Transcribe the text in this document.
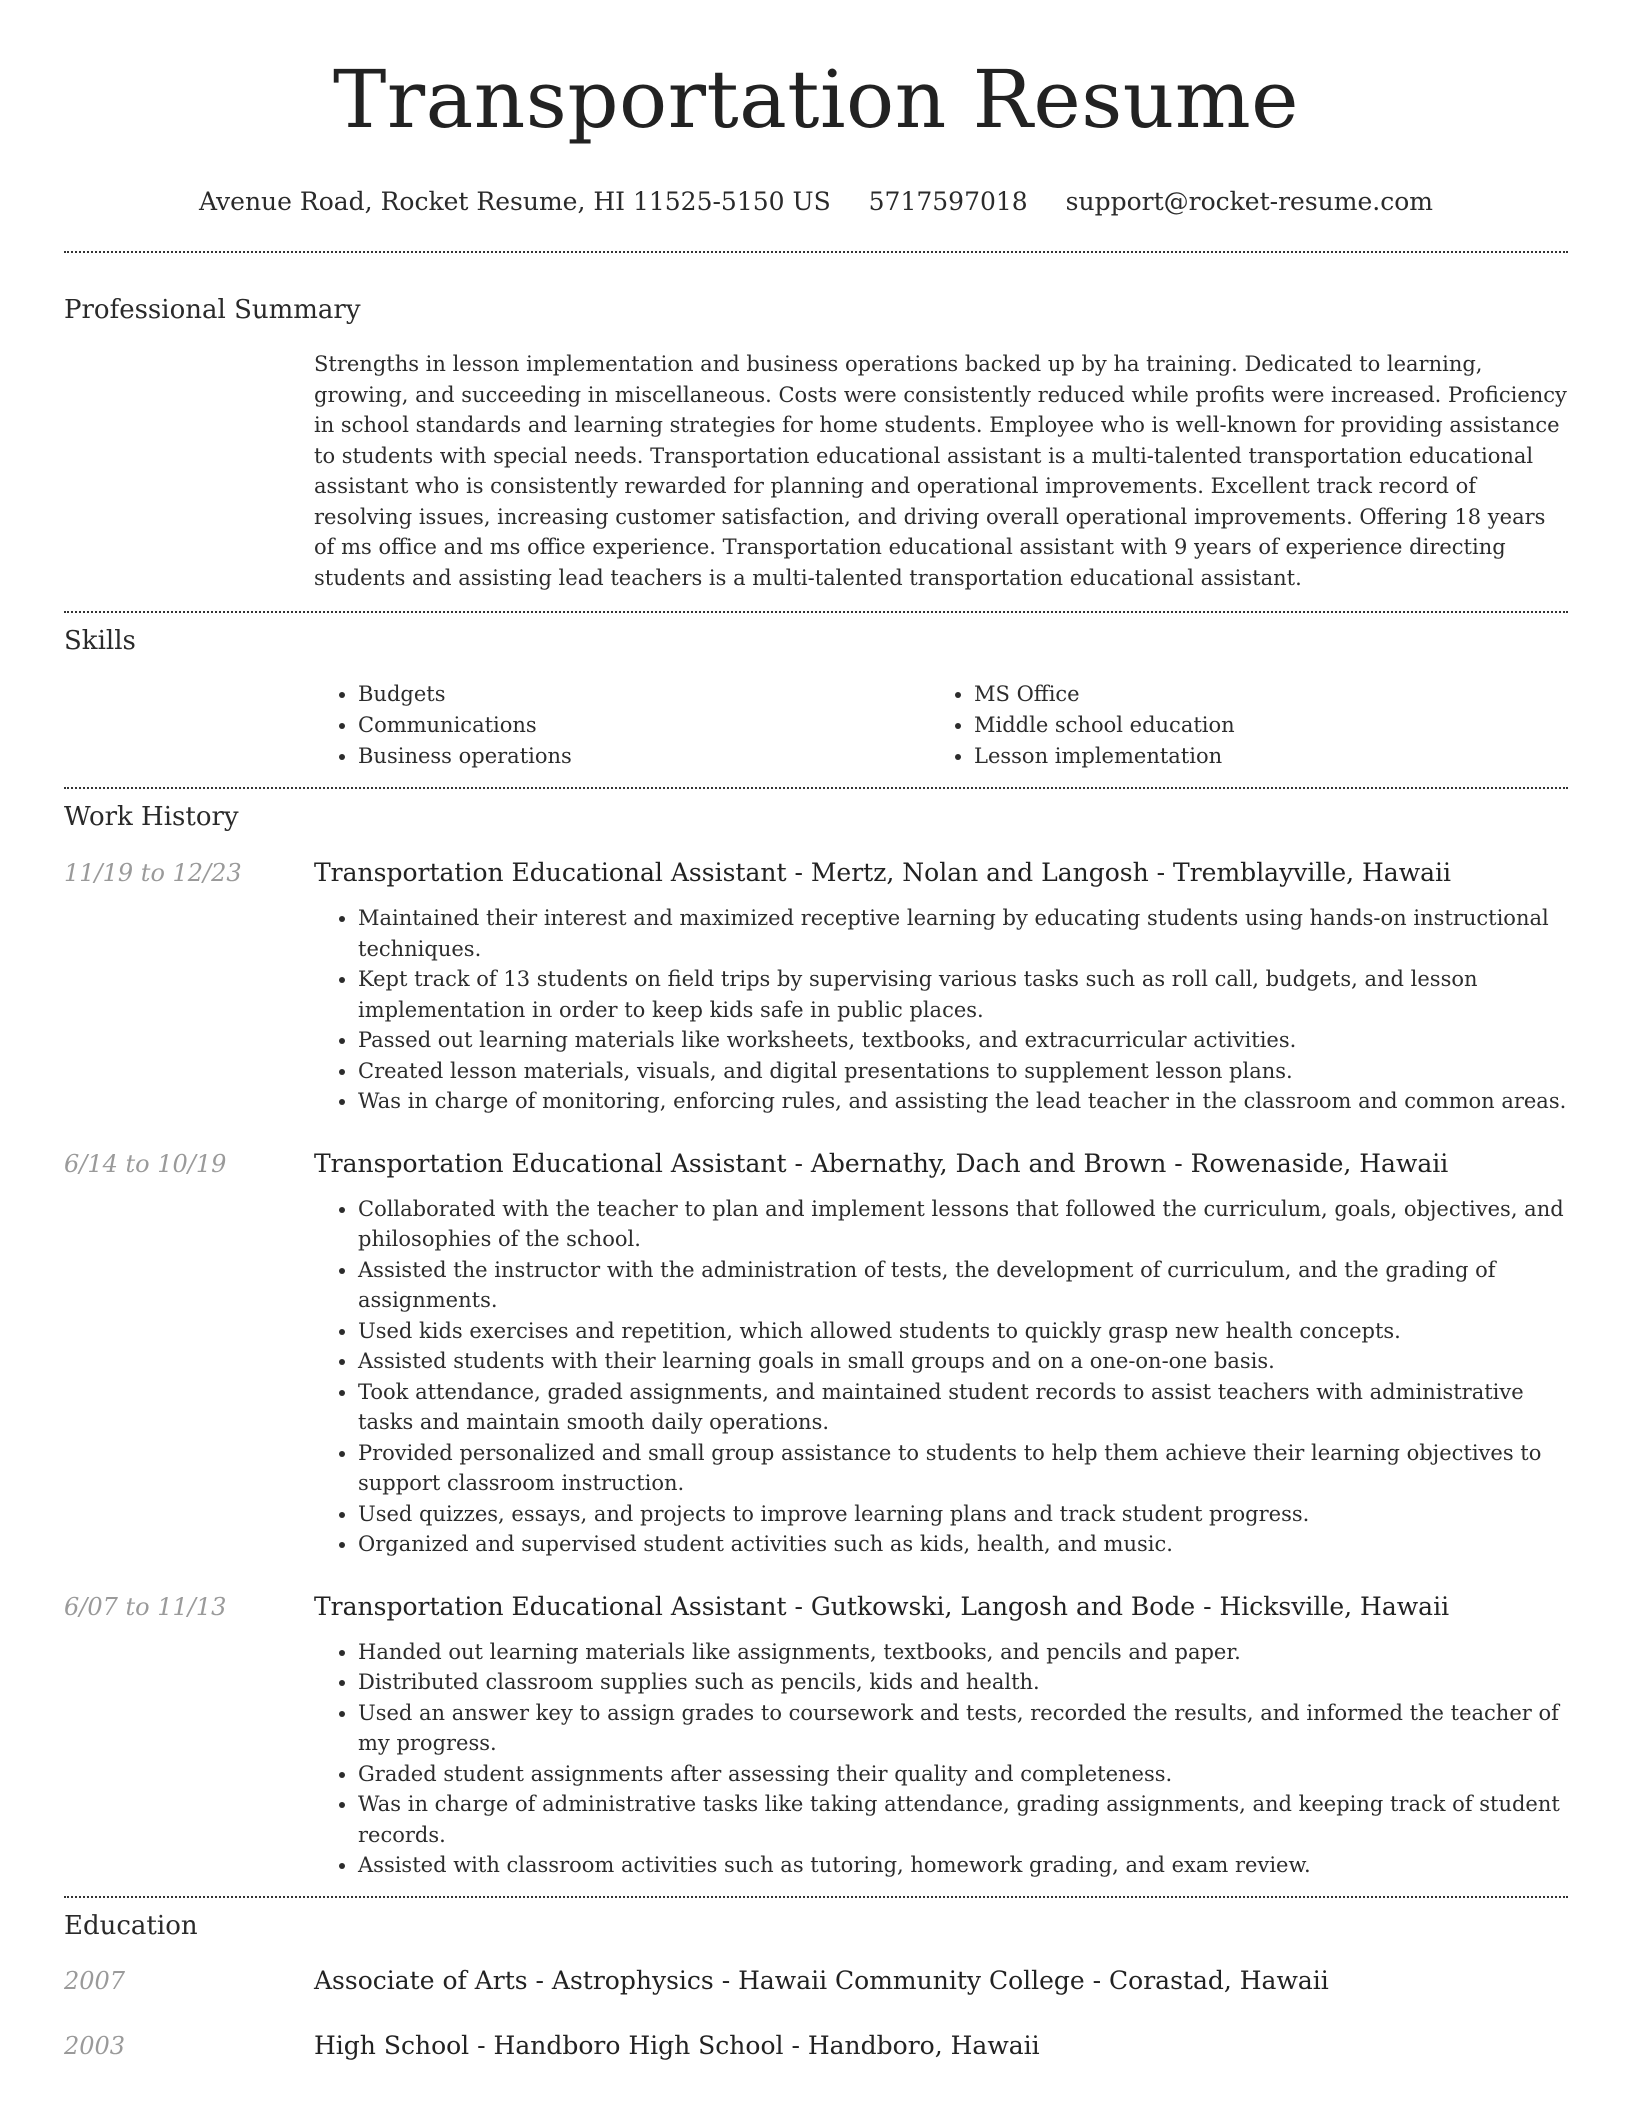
Transportation Resume
Avenue Road, Rocket Resume, HI 11525-5150 US 5717597018 support@rocket-resume.com
Professional Summary

Strengths in lesson implementation and business operations backed up by ha training. Dedicated to learning, growing, and succeeding in miscellaneous. Costs were consistently reduced while profits were increased. Proficiency in school standards and learning strategies for home students. Employee who is well-known for providing assistance to students with special needs. Transportation educational assistant is a multi-talented transportation educational assistant who is consistently rewarded for planning and operational improvements. Excellent track record of resolving issues, increasing customer satisfaction, and driving overall operational improvements. Offering 18 years of ms office and ms office experience. Transportation educational assistant with 9 years of experience directing students and assisting lead teachers is a multi-talented transportation educational assistant.

Skills
• Budgets
• Communications
• Business operations
• MS Office
• Middle school education
• Lesson implementation
Work History
11/19 to 12/23	Transportation Educational Assistant - Mertz, Nolan and Langosh - Tremblayville, Hawaii
• Maintained their interest and maximized receptive learning by educating students using hands-on instructional techniques.
• Kept track of 13 students on field trips by supervising various tasks such as roll call, budgets, and lesson implementation in order to keep kids safe in public places.
• Passed out learning materials like worksheets, textbooks, and extracurricular activities.
• Created lesson materials, visuals, and digital presentations to supplement lesson plans.
• Was in charge of monitoring, enforcing rules, and assisting the lead teacher in the classroom and common areas.
6/14 to 10/19	Transportation Educational Assistant - Abernathy, Dach and Brown - Rowenaside, Hawaii
• Collaborated with the teacher to plan and implement lessons that followed the curriculum, goals, objectives, and philosophies of the school.
• Assisted the instructor with the administration of tests, the development of curriculum, and the grading of assignments.
• Used kids exercises and repetition, which allowed students to quickly grasp new health concepts.
• Assisted students with their learning goals in small groups and on a one-on-one basis.
• Took attendance, graded assignments, and maintained student records to assist teachers with administrative tasks and maintain smooth daily operations.
• Provided personalized and small group assistance to students to help them achieve their learning objectives to support classroom instruction.
• Used quizzes, essays, and projects to improve learning plans and track student progress.
• Organized and supervised student activities such as kids, health, and music.
6/07 to 11/13	Transportation Educational Assistant - Gutkowski, Langosh and Bode - Hicksville, Hawaii
• Handed out learning materials like assignments, textbooks, and pencils and paper.
• Distributed classroom supplies such as pencils, kids and health.
• Used an answer key to assign grades to coursework and tests, recorded the results, and informed the teacher of my progress.
• Graded student assignments after assessing their quality and completeness.
• Was in charge of administrative tasks like taking attendance, grading assignments, and keeping track of student records.
• Assisted with classroom activities such as tutoring, homework grading, and exam review.
Education
2007	Associate of Arts - Astrophysics - Hawaii Community College - Corastad, Hawaii
2003	High School - Handboro High School - Handboro, Hawaii
